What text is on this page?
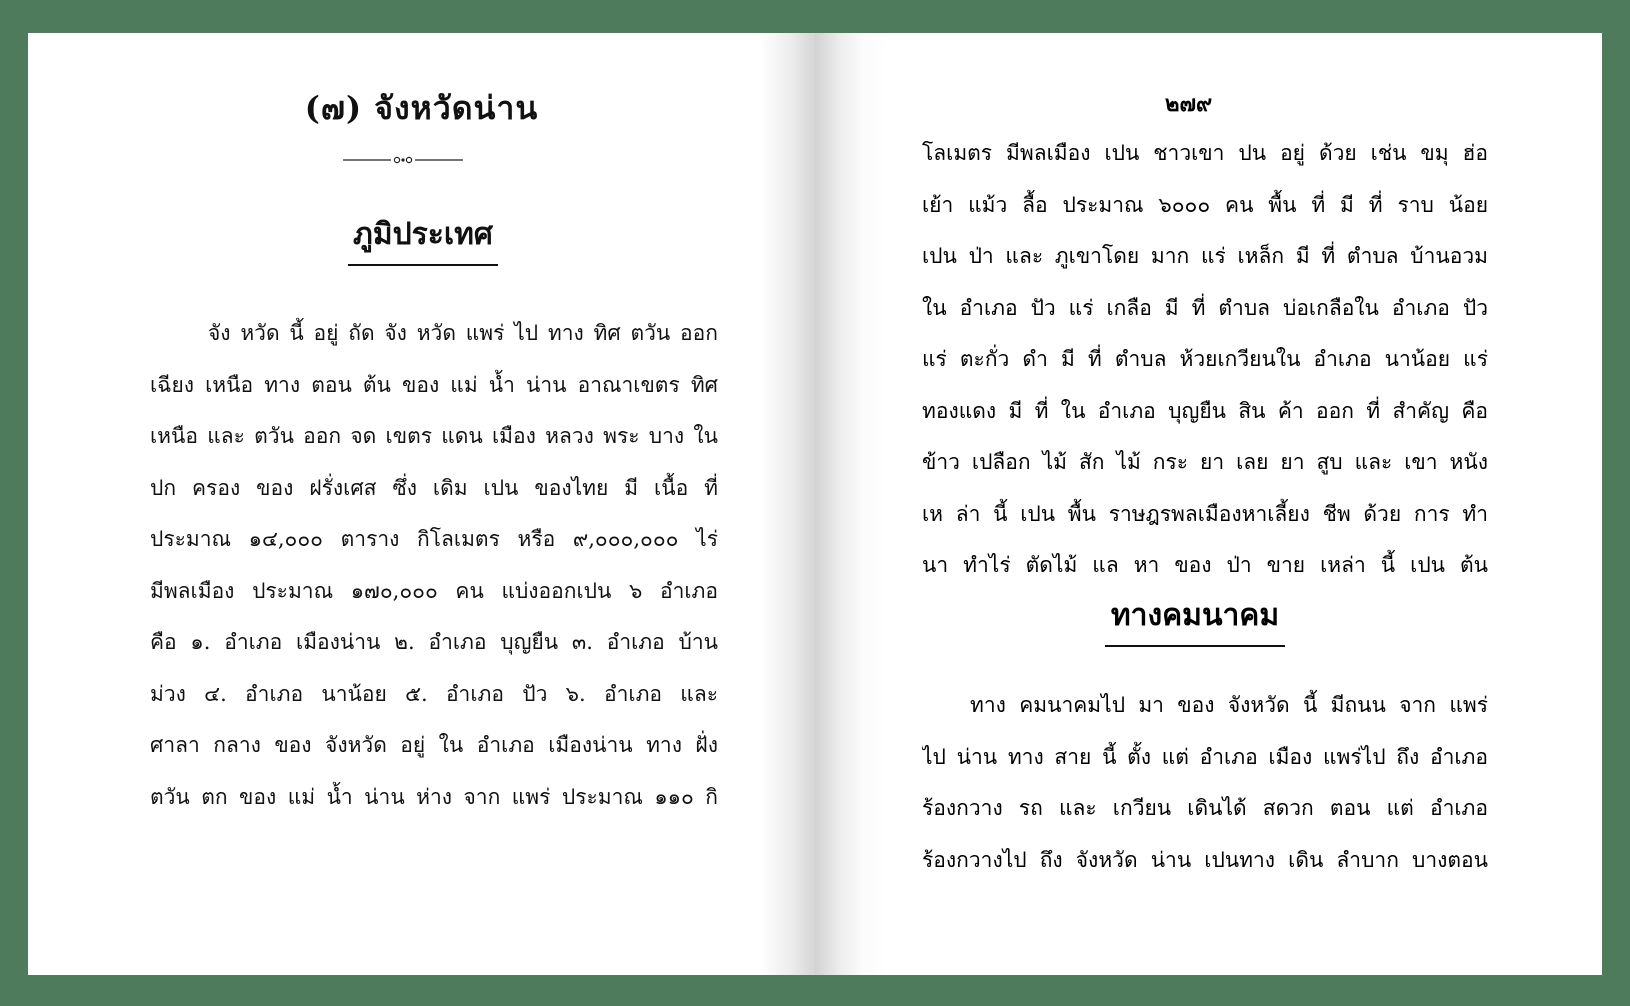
(๗) จังหวัดน่าน
ภูมิประเทศ
จัง หวัด นี้ อยู่ ถัด จัง หวัด แพร่ ไป ทาง ทิศ ตวัน ออก
เฉียง เหนือ ทาง ตอน ต้น ของ แม่ น้ำ น่าน อาณาเขตร ทิศ
เหนือ และ ตวัน ออก จด เขตร แดน เมือง หลวง พระ บาง ใน
ปก ครอง ของ ฝรั่งเศส ซึ่ง เดิม เปน ของไทย มี เนื้อ ที่
ประมาณ ๑๔,๐๐๐ ตาราง กิโลเมตร หรือ ๙,๐๐๐,๐๐๐ ไร่
มีพลเมือง ประมาณ ๑๗๐,๐๐๐ คน แบ่งออกเปน ๖ อำเภอ
คือ ๑. อำเภอ เมืองน่าน ๒. อำเภอ บุญยืน ๓. อำเภอ บ้าน
ม่วง ๔. อำเภอ นาน้อย ๕. อำเภอ ปัว ๖. อำเภอ และ
ศาลา กลาง ของ จังหวัด อยู่ ใน อำเภอ เมืองน่าน ทาง ฝั่ง
ตวัน ตก ของ แม่ น้ำ น่าน ห่าง จาก แพร่ ประมาณ ๑๑๐ กิ
๒๗๙
โลเมตร มีพลเมือง เปน ชาวเขา ปน อยู่ ด้วย เช่น ขมุ ฮ่อ
เย้า แม้ว ลื้อ ประมาณ ๖๐๐๐ คน พื้น ที่ มี ที่ ราบ น้อย
เปน ป่า และ ภูเขาโดย มาก แร่ เหล็ก มี ที่ ตำบล บ้านอวม
ใน อำเภอ ปัว แร่ เกลือ มี ที่ ตำบล บ่อเกลือใน อำเภอ ปัว
แร่ ตะกั่ว ดำ มี ที่ ตำบล ห้วยเกวียนใน อำเภอ นาน้อย แร่
ทองแดง มี ที่ ใน อำเภอ บุญยืน สิน ค้า ออก ที่ สำคัญ คือ
ข้าว เปลือก ไม้ สัก ไม้ กระ ยา เลย ยา สูบ และ เขา หนัง
เห ล่า นี้ เปน พื้น ราษฎรพลเมืองหาเลี้ยง ชีพ ด้วย การ ทำ
นา ทำไร่ ตัดไม้ แล หา ของ ป่า ขาย เหล่า นี้ เปน ต้น
ทางคมนาคม
ทาง คมนาคมไป มา ของ จังหวัด นี้ มีถนน จาก แพร่
ไป น่าน ทาง สาย นี้ ตั้ง แต่ อำเภอ เมือง แพร่ไป ถึง อำเภอ
ร้องกวาง รถ และ เกวียน เดินได้ สดวก ตอน แต่ อำเภอ
ร้องกวางไป ถึง จังหวัด น่าน เปนทาง เดิน ลำบาก บางตอน
